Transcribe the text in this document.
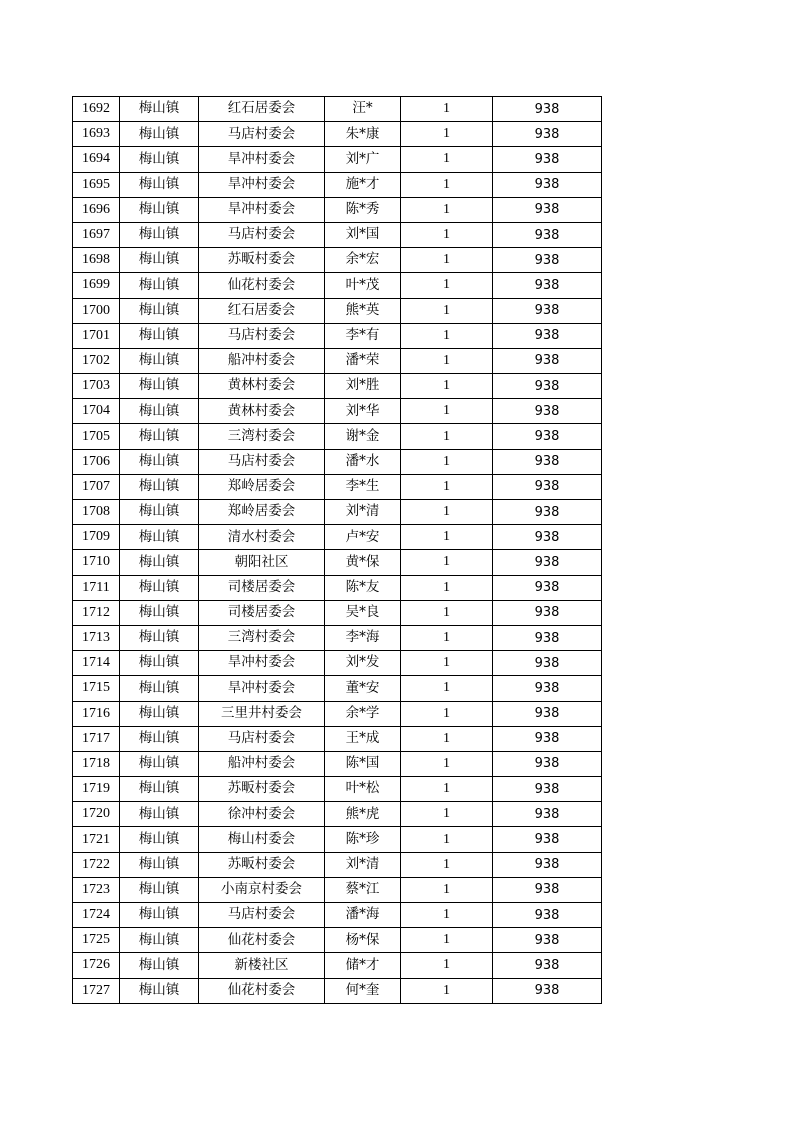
1692	梅山镇	红石居委会	汪*	1	938
1693	梅山镇	马店村委会	朱*康	1	938
1694	梅山镇	旱冲村委会	刘*广	1	938
1695	梅山镇	旱冲村委会	施*才	1	938
1696	梅山镇	旱冲村委会	陈*秀	1	938
1697	梅山镇	马店村委会	刘*国	1	938
1698	梅山镇	苏畈村委会	余*宏	1	938
1699	梅山镇	仙花村委会	叶*茂	1	938
1700	梅山镇	红石居委会	熊*英	1	938
1701	梅山镇	马店村委会	李*有	1	938
1702	梅山镇	船冲村委会	潘*荣	1	938
1703	梅山镇	黄林村委会	刘*胜	1	938
1704	梅山镇	黄林村委会	刘*华	1	938
1705	梅山镇	三湾村委会	谢*金	1	938
1706	梅山镇	马店村委会	潘*水	1	938
1707	梅山镇	郑岭居委会	李*生	1	938
1708	梅山镇	郑岭居委会	刘*清	1	938
1709	梅山镇	清水村委会	卢*安	1	938
1710	梅山镇	朝阳社区	黄*保	1	938
1711	梅山镇	司楼居委会	陈*友	1	938
1712	梅山镇	司楼居委会	吴*良	1	938
1713	梅山镇	三湾村委会	李*海	1	938
1714	梅山镇	旱冲村委会	刘*发	1	938
1715	梅山镇	旱冲村委会	董*安	1	938
1716	梅山镇	三里井村委会	余*学	1	938
1717	梅山镇	马店村委会	王*成	1	938
1718	梅山镇	船冲村委会	陈*国	1	938
1719	梅山镇	苏畈村委会	叶*松	1	938
1720	梅山镇	徐冲村委会	熊*虎	1	938
1721	梅山镇	梅山村委会	陈*珍	1	938
1722	梅山镇	苏畈村委会	刘*清	1	938
1723	梅山镇	小南京村委会	蔡*江	1	938
1724	梅山镇	马店村委会	潘*海	1	938
1725	梅山镇	仙花村委会	杨*保	1	938
1726	梅山镇	新楼社区	储*才	1	938
1727	梅山镇	仙花村委会	何*奎	1	938
